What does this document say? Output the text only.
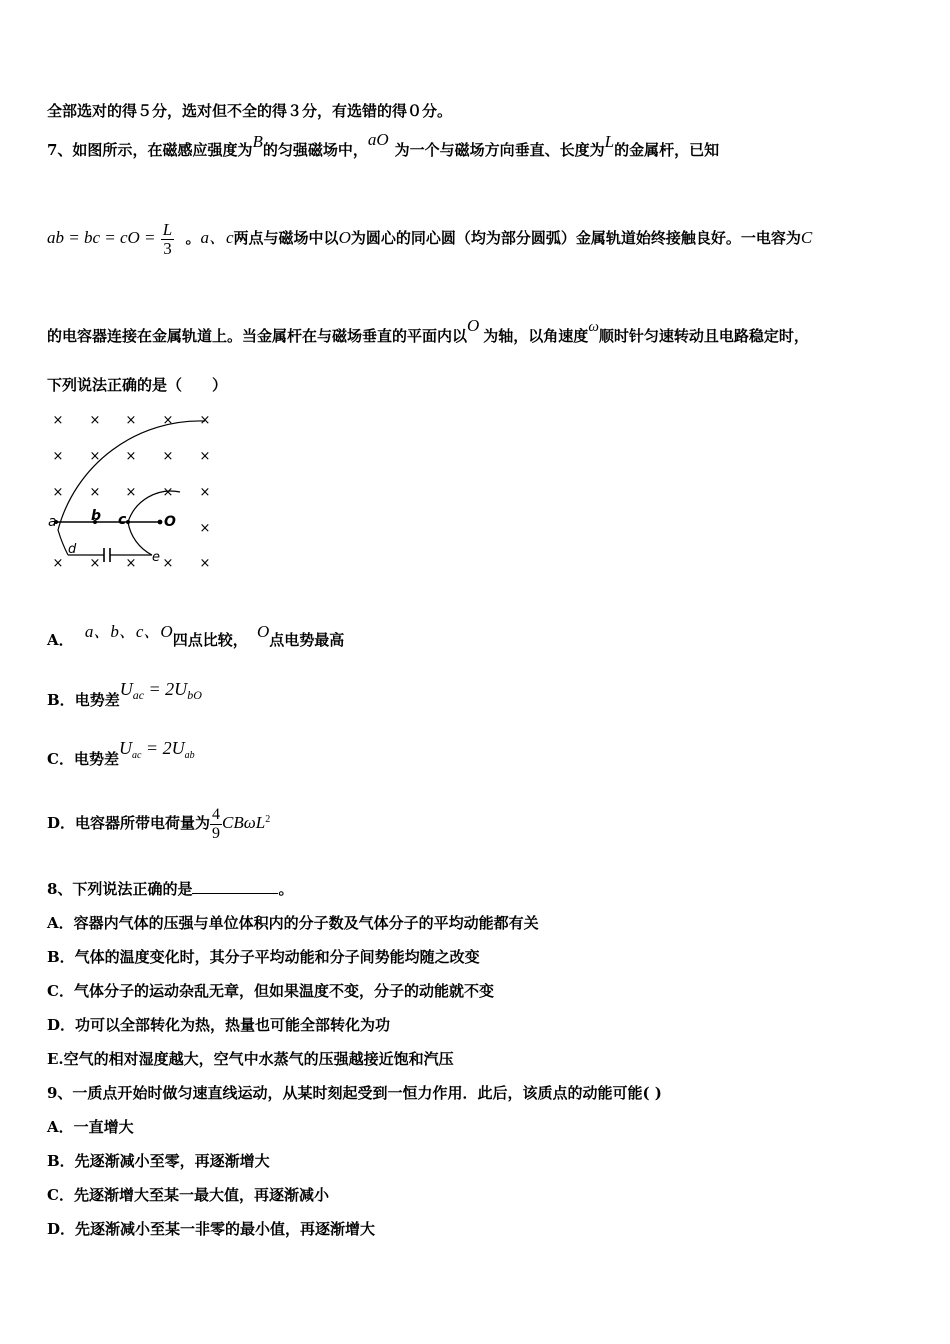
全部选对的得５分，选对但不全的得３分，有选错的得０分。
7、如图所示，在磁感应强度为B的匀强磁场中，aO为一个与磁场方向垂直、长度为L的金属杆，已知
ab = bc = cO = $\frac{L}{3}$ 。a、c两点与磁场中以O为圆心的同心圆（均为部分圆弧）金属轨道始终接触良好。一电容为C
的电容器连接在金属轨道上。当金属杆在与磁场垂直的平面内以O为轴，以角速度ω顺时针匀速转动且电路稳定时，
下列说法正确的是（　　）
× × × × ×
× × × × ×
× × × × ×
×
× × × × ×
a b c	O
d
e
A． a、b、c、O四点比较， O点电势最高
B．电势差$U_{ac} = 2U_{bO}$
C．电势差$U_{ac} = 2U_{ab}$
D．电容器所带电荷量为 $\frac{4}{9} CB\omega L^2$
8、下列说法正确的是	。
A．容器内气体的压强与单位体积内的分子数及气体分子的平均动能都有关
B．气体的温度变化时，其分子平均动能和分子间势能均随之改变
C．气体分子的运动杂乱无章，但如果温度不变，分子的动能就不变
D．功可以全部转化为热，热量也可能全部转化为功
E.空气的相对湿度越大，空气中水蒸气的压强越接近饱和汽压
9、一质点开始时做匀速直线运动，从某时刻起受到一恒力作用．此后，该质点的动能可能( )
A．一直增大
B．先逐渐减小至零，再逐渐增大
C．先逐渐增大至某一最大值，再逐渐减小
D．先逐渐减小至某一非零的最小值，再逐渐增大
